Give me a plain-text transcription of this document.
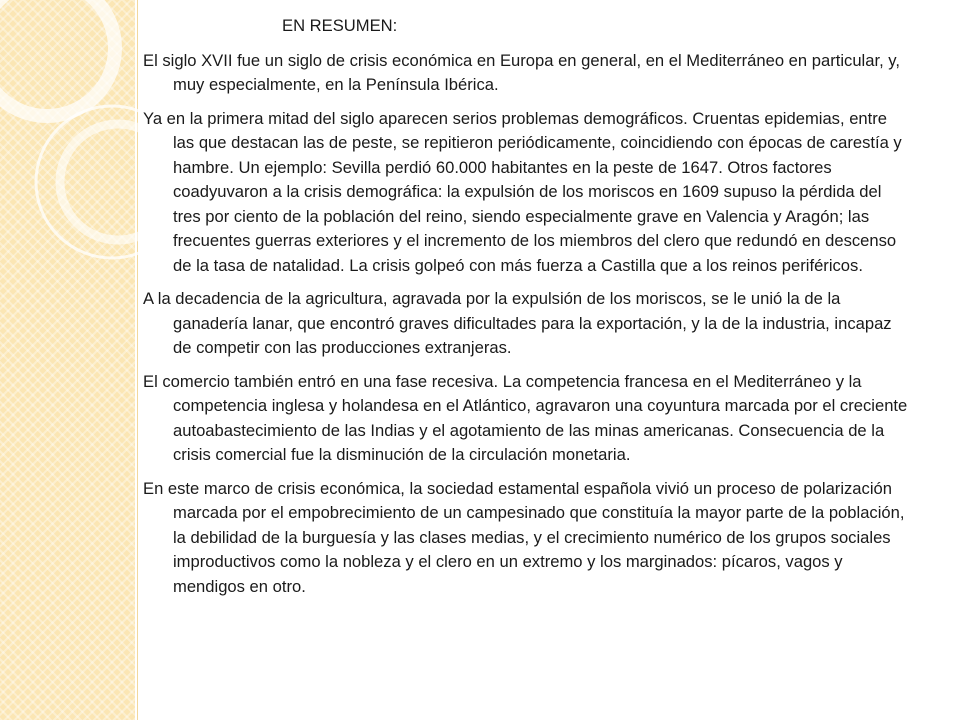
EN RESUMEN:

El siglo XVII fue un siglo de crisis económica en Europa en general, en el Mediterráneo en particular, y, muy especialmente, en la Península Ibérica.

Ya en la primera mitad del siglo aparecen serios problemas demográficos. Cruentas epidemias, entre las que destacan las de peste, se repitieron periódicamente, coincidiendo con épocas de carestía y hambre. Un ejemplo: Sevilla perdió 60.000 habitantes en la peste de 1647. Otros factores coadyuvaron a la crisis demográfica: la expulsión de los moriscos en 1609 supuso la pérdida del tres por ciento de la población del reino, siendo especialmente grave en Valencia y Aragón; las frecuentes guerras exteriores y el incremento de los miembros del clero que redundó en descenso de la tasa de natalidad. La crisis golpeó con más fuerza a Castilla que a los reinos periféricos.

A la decadencia de la agricultura, agravada por la expulsión de los moriscos, se le unió la de la ganadería lanar, que encontró graves dificultades para la exportación, y la de la industria, incapaz de competir con las producciones extranjeras.

El comercio también entró en una fase recesiva. La competencia francesa en el Mediterráneo y la competencia inglesa y holandesa en el Atlántico, agravaron una coyuntura marcada por el creciente autoabastecimiento de las Indias y el agotamiento de las minas americanas. Consecuencia de la crisis comercial fue la disminución de la circulación monetaria.

En este marco de crisis económica, la sociedad estamental española vivió un proceso de polarización marcada por el empobrecimiento de un campesinado que constituía la mayor parte de la población, la debilidad de la burguesía y las clases medias, y el crecimiento numérico de los grupos sociales improductivos como la nobleza y el clero en un extremo y los marginados: pícaros, vagos y mendigos en otro.
